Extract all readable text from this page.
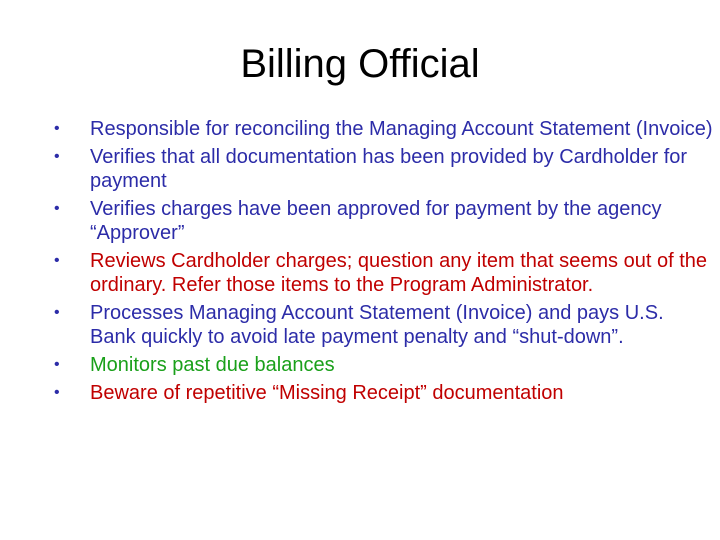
Billing Official
•	Responsible for reconciling the Managing Account Statement (Invoice)
•	Verifies that all documentation has been provided by Cardholder for payment
•	Verifies charges have been approved for payment by the agency “Approver”
•	Reviews Cardholder charges; question any item that seems out of the ordinary. Refer those items to the Program Administrator.
•	Processes Managing Account Statement (Invoice) and pays U.S. Bank quickly to avoid late payment penalty and “shut-down”.
•	Monitors past due balances
•	Beware of repetitive “Missing Receipt” documentation
